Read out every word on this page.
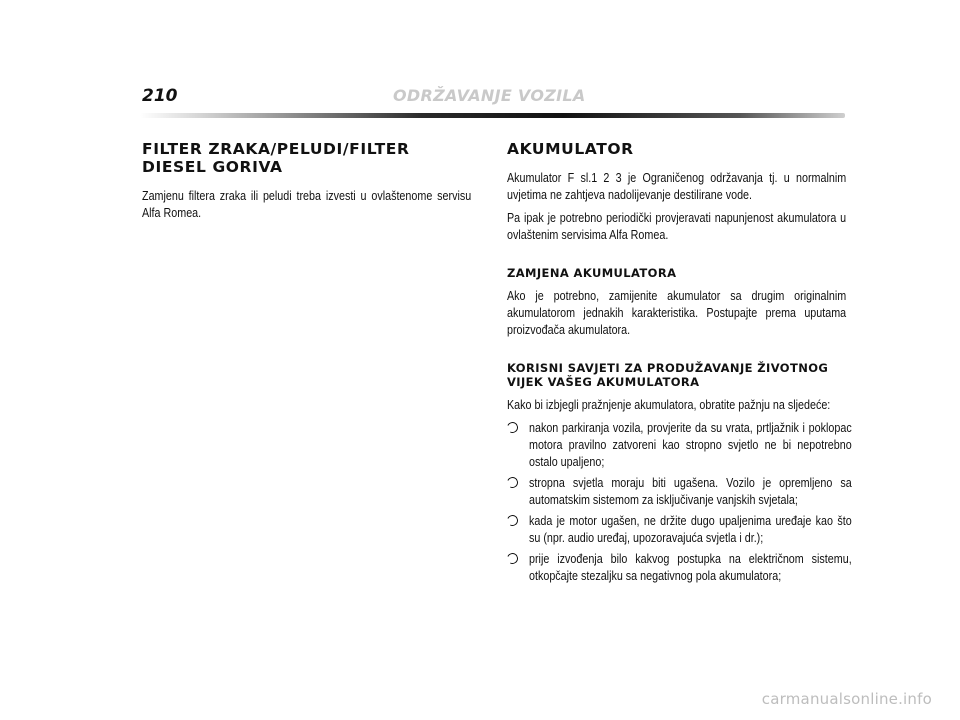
210	ODRŽAVANJE VOZILA
FILTER ZRAKA/PELUDI/FILTER DIESEL GORIVA

Zamjenu filtera zraka ili peludi treba izvesti u ovlaštenome servisu Alfa Romea.

AKUMULATOR

Akumulator F sl.1 2 3 je Ograničenog održavanja tj. u normalnim uvjetima ne zahtjeva nadolijevanje destilirane vode.

Pa ipak je potrebno periodički provjeravati napunjenost akumulatora u ovlaštenim servisima Alfa Romea.

ZAMJENA AKUMULATORA

Ako je potrebno, zamijenite akumulator sa drugim originalnim akumulatorom jednakih karakteristika. Postupajte prema uputama proizvođača akumulatora.

KORISNI SAVJETI ZA PRODUŽAVANJE ŽIVOTNOG VIJEK VAŠEG AKUMULATORA

Kako bi izbjegli pražnjenje akumulatora, obratite pažnju na sljedeće:

nakon parkiranja vozila, provjerite da su vrata, prtljažnik i poklopac motora pravilno zatvoreni kao stropno svjetlo ne bi nepotrebno ostalo upaljeno;

stropna svjetla moraju biti ugašena. Vozilo je opremljeno sa automatskim sistemom za isključivanje vanjskih svjetala;

kada je motor ugašen, ne držite dugo upaljenima uređaje kao što su (npr. audio uređaj, upozoravajuća svjetla i dr.);

prije izvođenja bilo kakvog postupka na električnom sistemu, otkopčajte stezaljku sa negativnog pola akumulatora;

carmanualsonline.info
